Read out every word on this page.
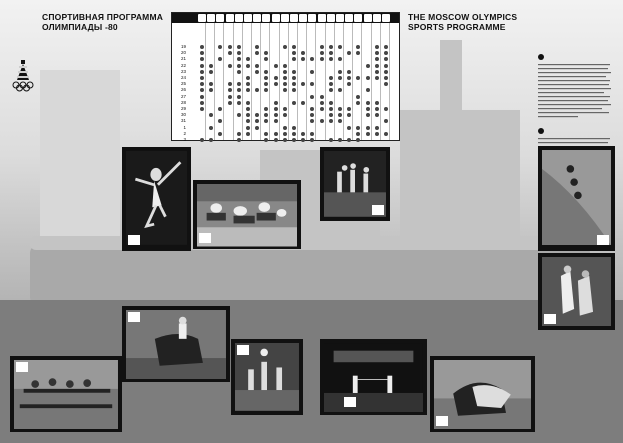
СПОРТИВНАЯ ПРОГРАММА
ОЛИМПИАДЫ -80
THE MOSCOW OLYMPICS
SPORTS PROGRAMME
19
20
21
22
23
24
25
26
27
28
29
30
31
1
2
3
